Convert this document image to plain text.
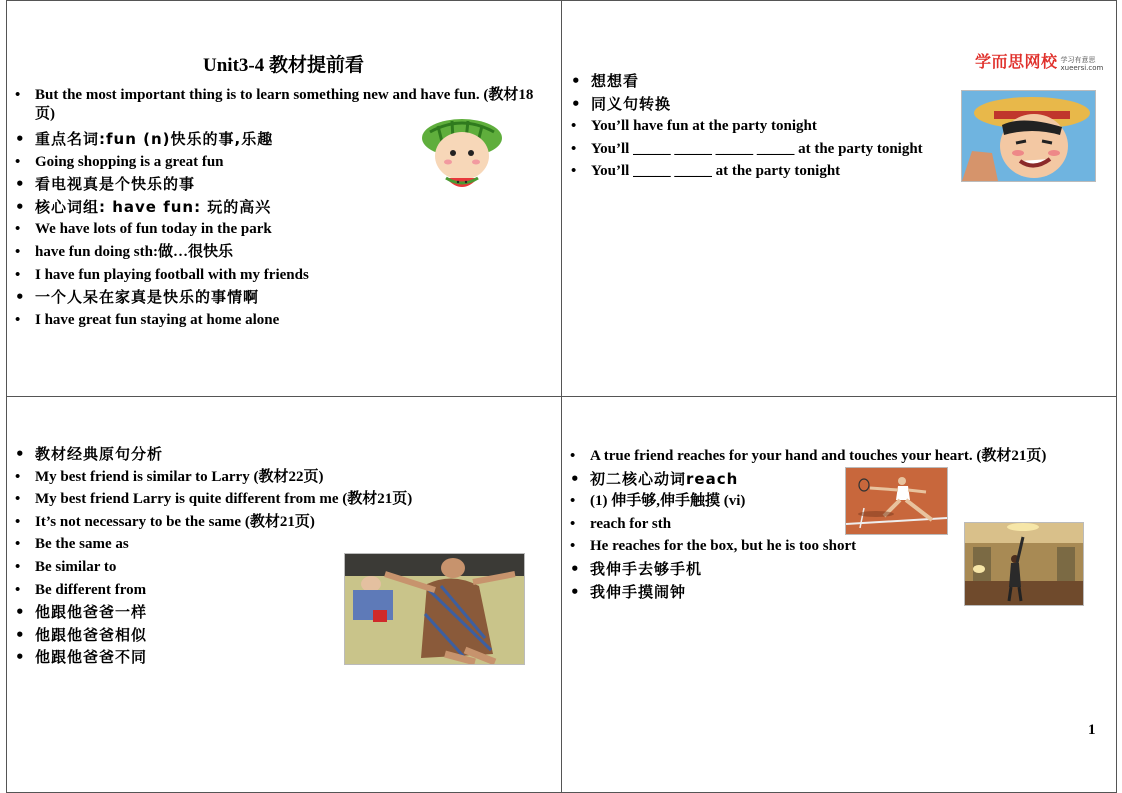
Unit3-4 教材提前看
• But the most important thing is to learn something new and have fun. (教材18页)
• 重点名词:fun (n)快乐的事,乐趣
• Going shopping is a great fun
• 看电视真是个快乐的事
• 核心词组: have fun: 玩的高兴
• We have lots of fun today in the park
• have fun doing sth:做…很快乐
• I have fun playing football with my friends
• 一个人呆在家真是快乐的事情啊
• I have great fun staying at home alone
学而思网校 学习有意思
xueersi.com
• 想想看
• 同义句转换
• You’ll have fun at the party tonight
• You’ll _____ _____ _____ _____ at the party tonight
• You’ll _____ _____ at the party tonight
• 教材经典原句分析
• My best friend is similar to Larry (教材22页)
• My best friend Larry is quite different from me (教材21页)
• It’s not necessary to be the same (教材21页)
• Be the same as
• Be similar to
• Be different from
• 他跟他爸爸一样
• 他跟他爸爸相似
• 他跟他爸爸不同
• A true friend reaches for your hand and touches your heart. (教材21页)
• 初二核心动词reach
• (1) 伸手够,伸手触摸 (vi)
• reach for sth
• He reaches for the box, but he is too short
• 我伸手去够手机
• 我伸手摸闹钟
1
